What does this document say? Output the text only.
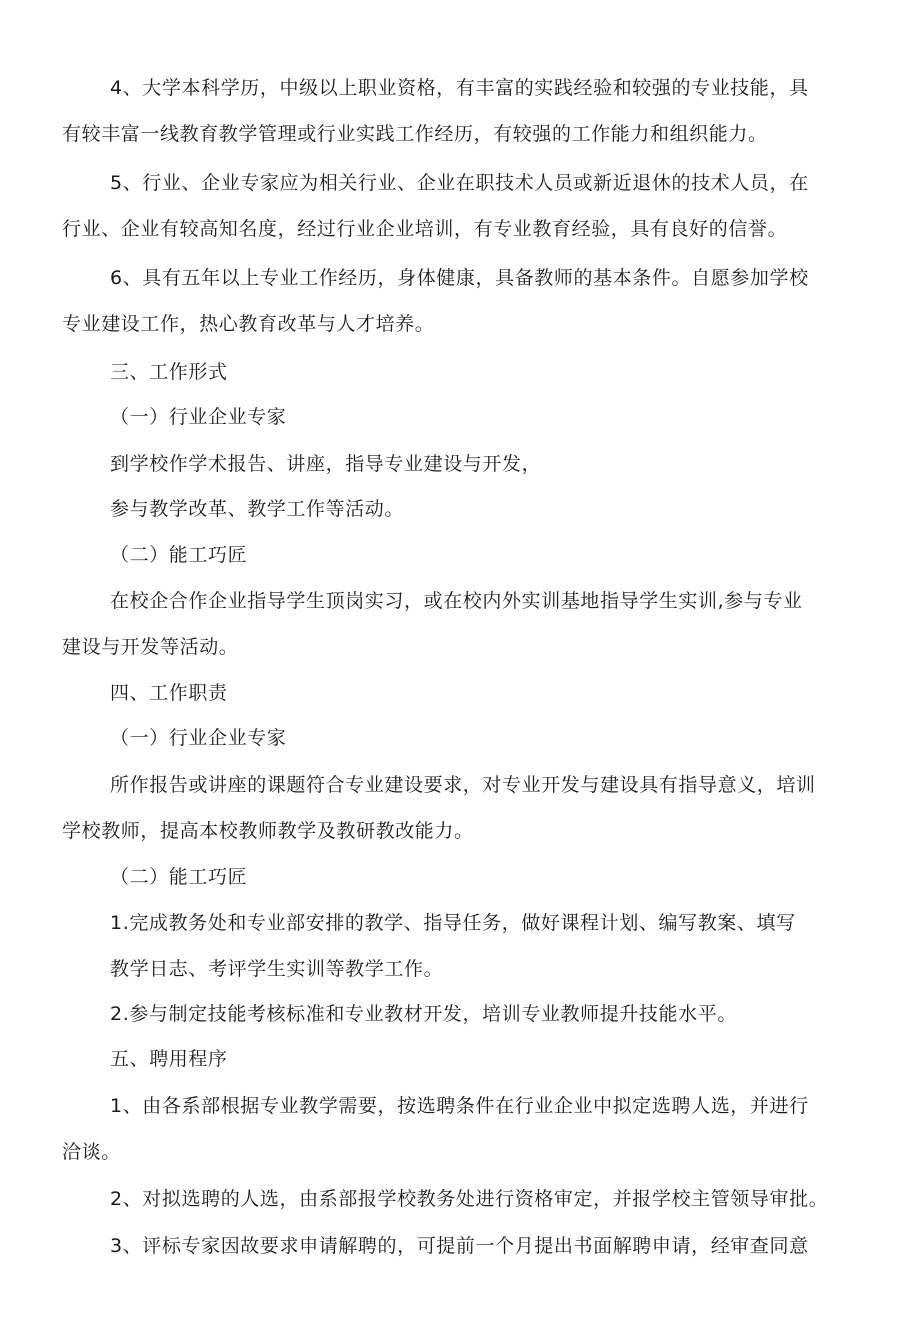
4、大学本科学历，中级以上职业资格，有丰富的实践经验和较强的专业技能，具
有较丰富一线教育教学管理或行业实践工作经历，有较强的工作能力和组织能力。
5、行业、企业专家应为相关行业、企业在职技术人员或新近退休的技术人员，在
行业、企业有较高知名度，经过行业企业培训，有专业教育经验，具有良好的信誉。
6、具有五年以上专业工作经历，身体健康，具备教师的基本条件。自愿参加学校
专业建设工作，热心教育改革与人才培养。
三、工作形式
（一）行业企业专家
到学校作学术报告、讲座，指导专业建设与开发，
参与教学改革、教学工作等活动。
（二）能工巧匠
在校企合作企业指导学生顶岗实习，或在校内外实训基地指导学生实训,参与专业
建设与开发等活动。
四、工作职责
（一）行业企业专家
所作报告或讲座的课题符合专业建设要求，对专业开发与建设具有指导意义，培训
学校教师，提高本校教师教学及教研教改能力。
（二）能工巧匠
1.完成教务处和专业部安排的教学、指导任务，做好课程计划、编写教案、填写
教学日志、考评学生实训等教学工作。
2.参与制定技能考核标准和专业教材开发，培训专业教师提升技能水平。
五、聘用程序
1、由各系部根据专业教学需要，按选聘条件在行业企业中拟定选聘人选，并进行
洽谈。
2、对拟选聘的人选，由系部报学校教务处进行资格审定，并报学校主管领导审批。
3、评标专家因故要求申请解聘的，可提前一个月提出书面解聘申请，经审查同意
